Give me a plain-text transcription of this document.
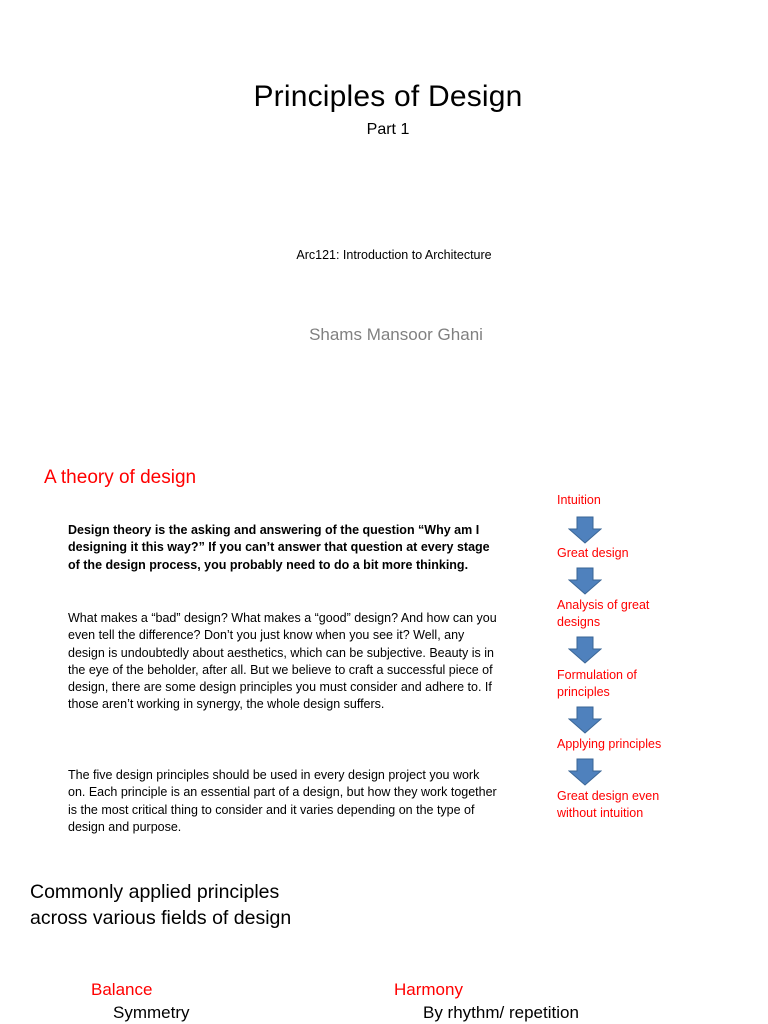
Principles of Design
Part 1
Arc121: Introduction to Architecture
Shams Mansoor Ghani
A theory of design
Design theory is the asking and answering of the question “Why am I designing it this way?” If you can’t answer that question at every stage of the design process, you probably need to do a bit more thinking.
What makes a “bad” design? What makes a “good” design? And how can you even tell the difference? Don’t you just know when you see it? Well, any design is undoubtedly about aesthetics, which can be subjective. Beauty is in the eye of the beholder, after all. But we believe to craft a successful piece of design, there are some design principles you must consider and adhere to. If those aren’t working in synergy, the whole design suffers.
The five design principles should be used in every design project you work on. Each principle is an essential part of a design, but how they work together is the most critical thing to consider and it varies depending on the type of design and purpose.
Intuition
Great design
Analysis of great designs
Formulation of principles
Applying principles
Great design even without intuition
Commonly applied principles across various fields of design
Balance
Symmetry
Harmony
By rhythm/ repetition
